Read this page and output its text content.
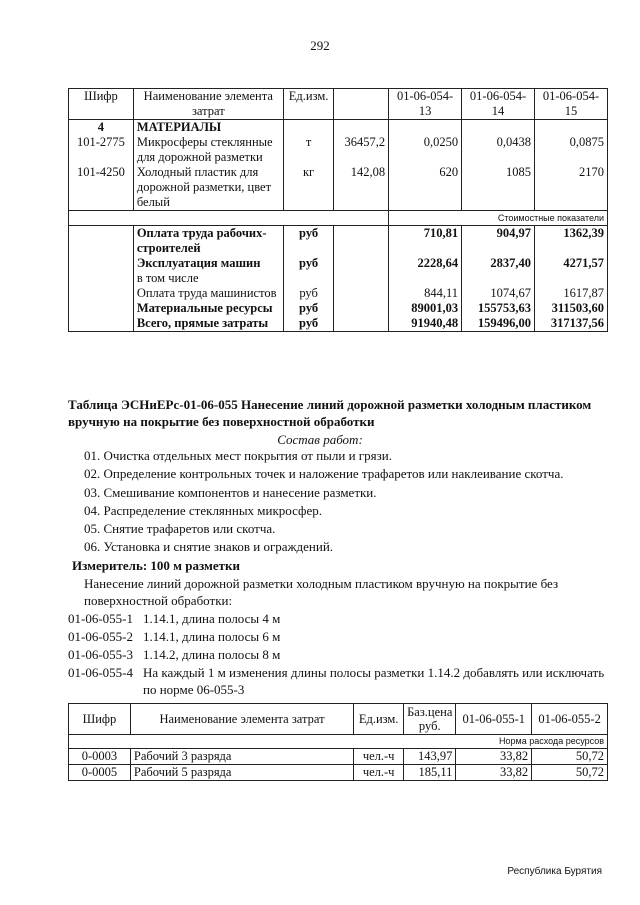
292
Шифр	Наименование элемента затрат	Ед.изм.		01-06-054-13	01-06-054-14	01-06-054-15
4	МАТЕРИАЛЫ					
101-2775	Микросферы стеклянные для дорожной разметки	т	36457,2	0,0250	0,0438	0,0875
101-4250	Холодный пластик для дорожной разметки, цвет белый	кг	142,08	620	1085	2170
				Стоимостные показатели		
	Оплата труда рабочих-строителей	руб		710,81	904,97	1362,39
	Эксплуатация машин	руб		2228,64	2837,40	4271,57
	в том числе					
	Оплата труда машинистов	руб		844,11	1074,67	1617,87
	Материальные ресурсы	руб		89001,03	155753,63	311503,60
	Всего, прямые затраты	руб		91940,48	159496,00	317137,56
Таблица ЭСНиЕРс-01-06-055 Нанесение линий дорожной разметки холодным пластиком вручную на покрытие без поверхностной обработки
Состав работ:
01. Очистка отдельных мест покрытия от пыли и грязи.
02. Определение контрольных точек и наложение трафаретов или наклеивание скотча.
03. Смешивание компонентов и нанесение разметки.
04. Распределение стеклянных микросфер.
05. Снятие трафаретов или скотча.
06. Установка и снятие знаков и ограждений.
Измеритель: 100 м разметки
Нанесение линий дорожной разметки холодным пластиком вручную на покрытие без поверхностной обработки:
01-06-055-1 1.14.1, длина полосы 4 м
01-06-055-2 1.14.1, длина полосы 6 м
01-06-055-3 1.14.2, длина полосы 8 м
01-06-055-4 На каждый 1 м изменения длины полосы разметки 1.14.2 добавлять или исключать по норме 06-055-3
Шифр	Наименование элемента затрат	Ед.изм.	Баз.цена руб.	01-06-055-1	01-06-055-2
Норма расхода ресурсов					
0-0003	Рабочий 3 разряда	чел.-ч	143,97	33,82	50,72
0-0005	Рабочий 5 разряда	чел.-ч	185,11	33,82	50,72
Республика Бурятия
